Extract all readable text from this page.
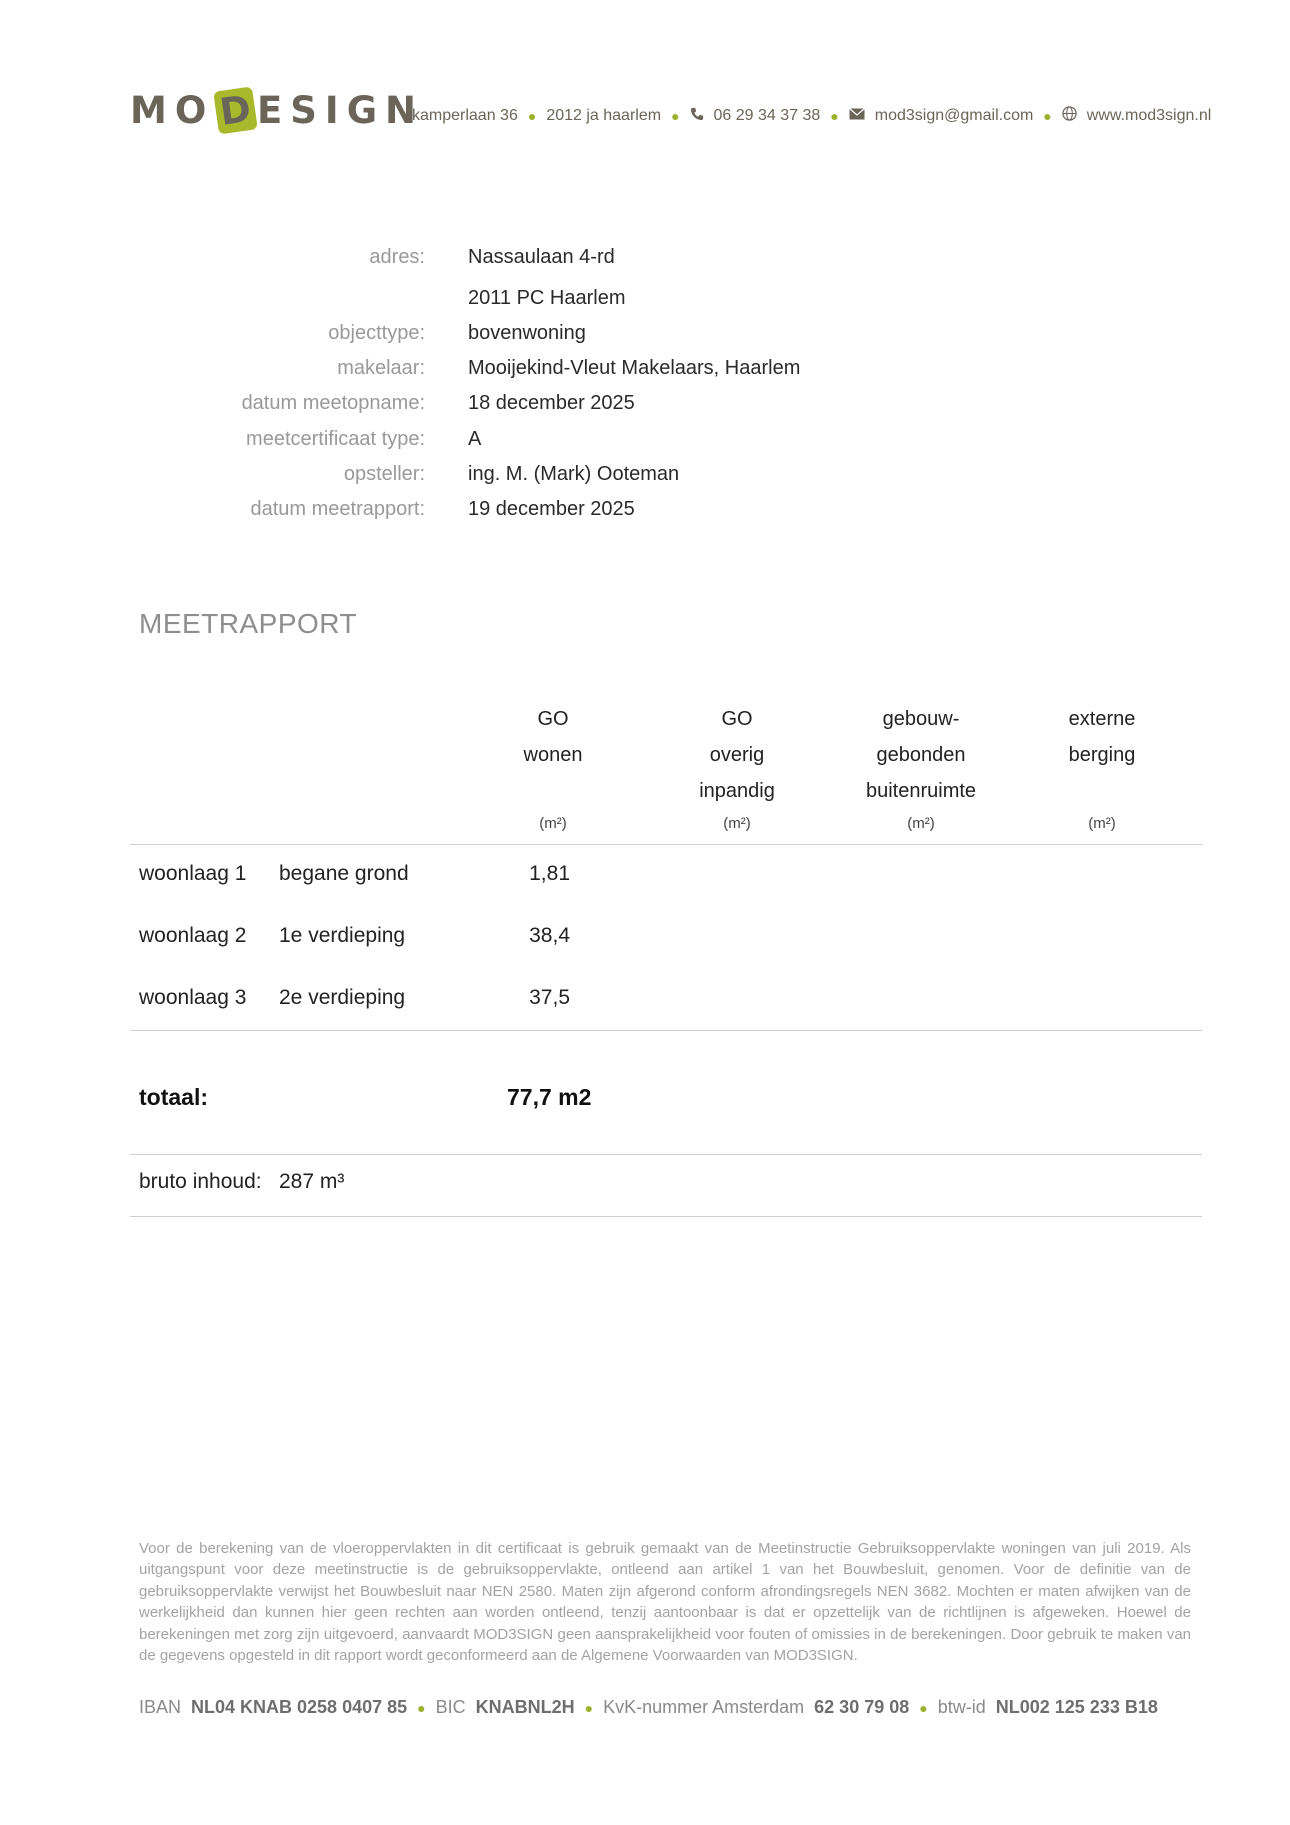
MO D ESIGN
kamperlaan 36 ● 2012 ja haarlem ● 06 29 34 37 38 ● mod3sign@gmail.com ● www.mod3sign.nl
adres: Nassaulaan 4-rd
2011 PC Haarlem
objecttype: bovenwoning
makelaar: Mooijekind-Vleut Makelaars, Haarlem
datum meetopname: 18 december 2025
meetcertificaat type: A
opsteller: ing. M. (Mark) Ooteman
datum meetrapport: 19 december 2025
MEETRAPPORT
GO
wonen
GO
overig
inpandig
gebouw-
gebonden
buitenruimte
externe
berging
(m²)	(m²)	(m²)	(m²)
woonlaag 1 begane grond	1,81
woonlaag 2 1e verdieping	38,4
woonlaag 3 2e verdieping	37,5
totaal:	77,7 m2
bruto inhoud: 287 m³
Voor de berekening van de vloeroppervlakten in dit certificaat is gebruik gemaakt van de Meetinstructie Gebruiksoppervlakte woningen van juli 2019. Als uitgangspunt voor deze meetinstructie is de gebruiksoppervlakte, ontleend aan artikel 1 van het Bouwbesluit, genomen. Voor de definitie van de gebruiksoppervlakte verwijst het Bouwbesluit naar NEN 2580. Maten zijn afgerond conform afrondingsregels NEN 3682. Mochten er maten afwijken van de werkelijkheid dan kunnen hier geen rechten aan worden ontleend, tenzij aantoonbaar is dat er opzettelijk van de richtlijnen is afgeweken. Hoewel de berekeningen met zorg zijn uitgevoerd, aanvaardt MOD3SIGN geen aansprakelijkheid voor fouten of omissies in de berekeningen. Door gebruik te maken van de gegevens opgesteld in dit rapport wordt geconformeerd aan de Algemene Voorwaarden van MOD3SIGN.
IBAN NL04 KNAB 0258 0407 85 ● BIC KNABNL2H ● KvK-nummer Amsterdam 62 30 79 08 ● btw-id NL002 125 233 B18
